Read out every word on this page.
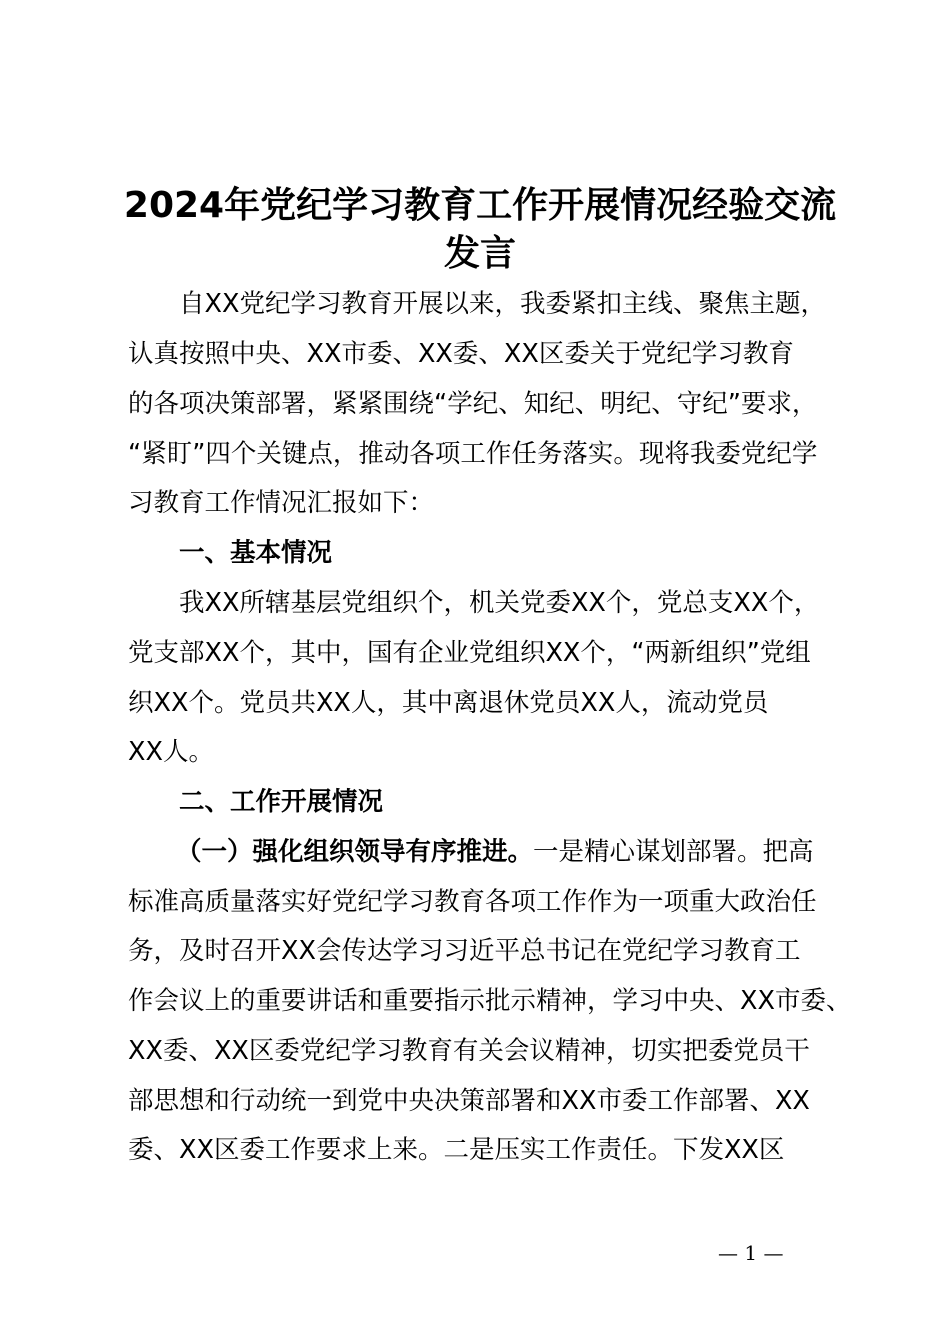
2024年党纪学习教育工作开展情况经验交流
发言
自XX党纪学习教育开展以来，我委紧扣主线、聚焦主题，
认真按照中央、XX市委、XX委、XX区委关于党纪学习教育
的各项决策部署，紧紧围绕“学纪、知纪、明纪、守纪”要求，
“紧盯”四个关键点，推动各项工作任务落实。现将我委党纪学
习教育工作情况汇报如下：
一、基本情况
我XX所辖基层党组织个，机关党委XX个，党总支XX个，
党支部XX个，其中，国有企业党组织XX个，“两新组织”党组
织XX个。党员共XX人，其中离退休党员XX人，流动党员
XX人。
二、工作开展情况
（一）强化组织领导有序推进。一是精心谋划部署。把高
标准高质量落实好党纪学习教育各项工作作为一项重大政治任
务，及时召开XX会传达学习习近平总书记在党纪学习教育工
作会议上的重要讲话和重要指示批示精神，学习中央、XX市委、
XX委、XX区委党纪学习教育有关会议精神，切实把委党员干
部思想和行动统一到党中央决策部署和XX市委工作部署、XX
委、XX区委工作要求上来。二是压实工作责任。下发XX区
— 1 —
